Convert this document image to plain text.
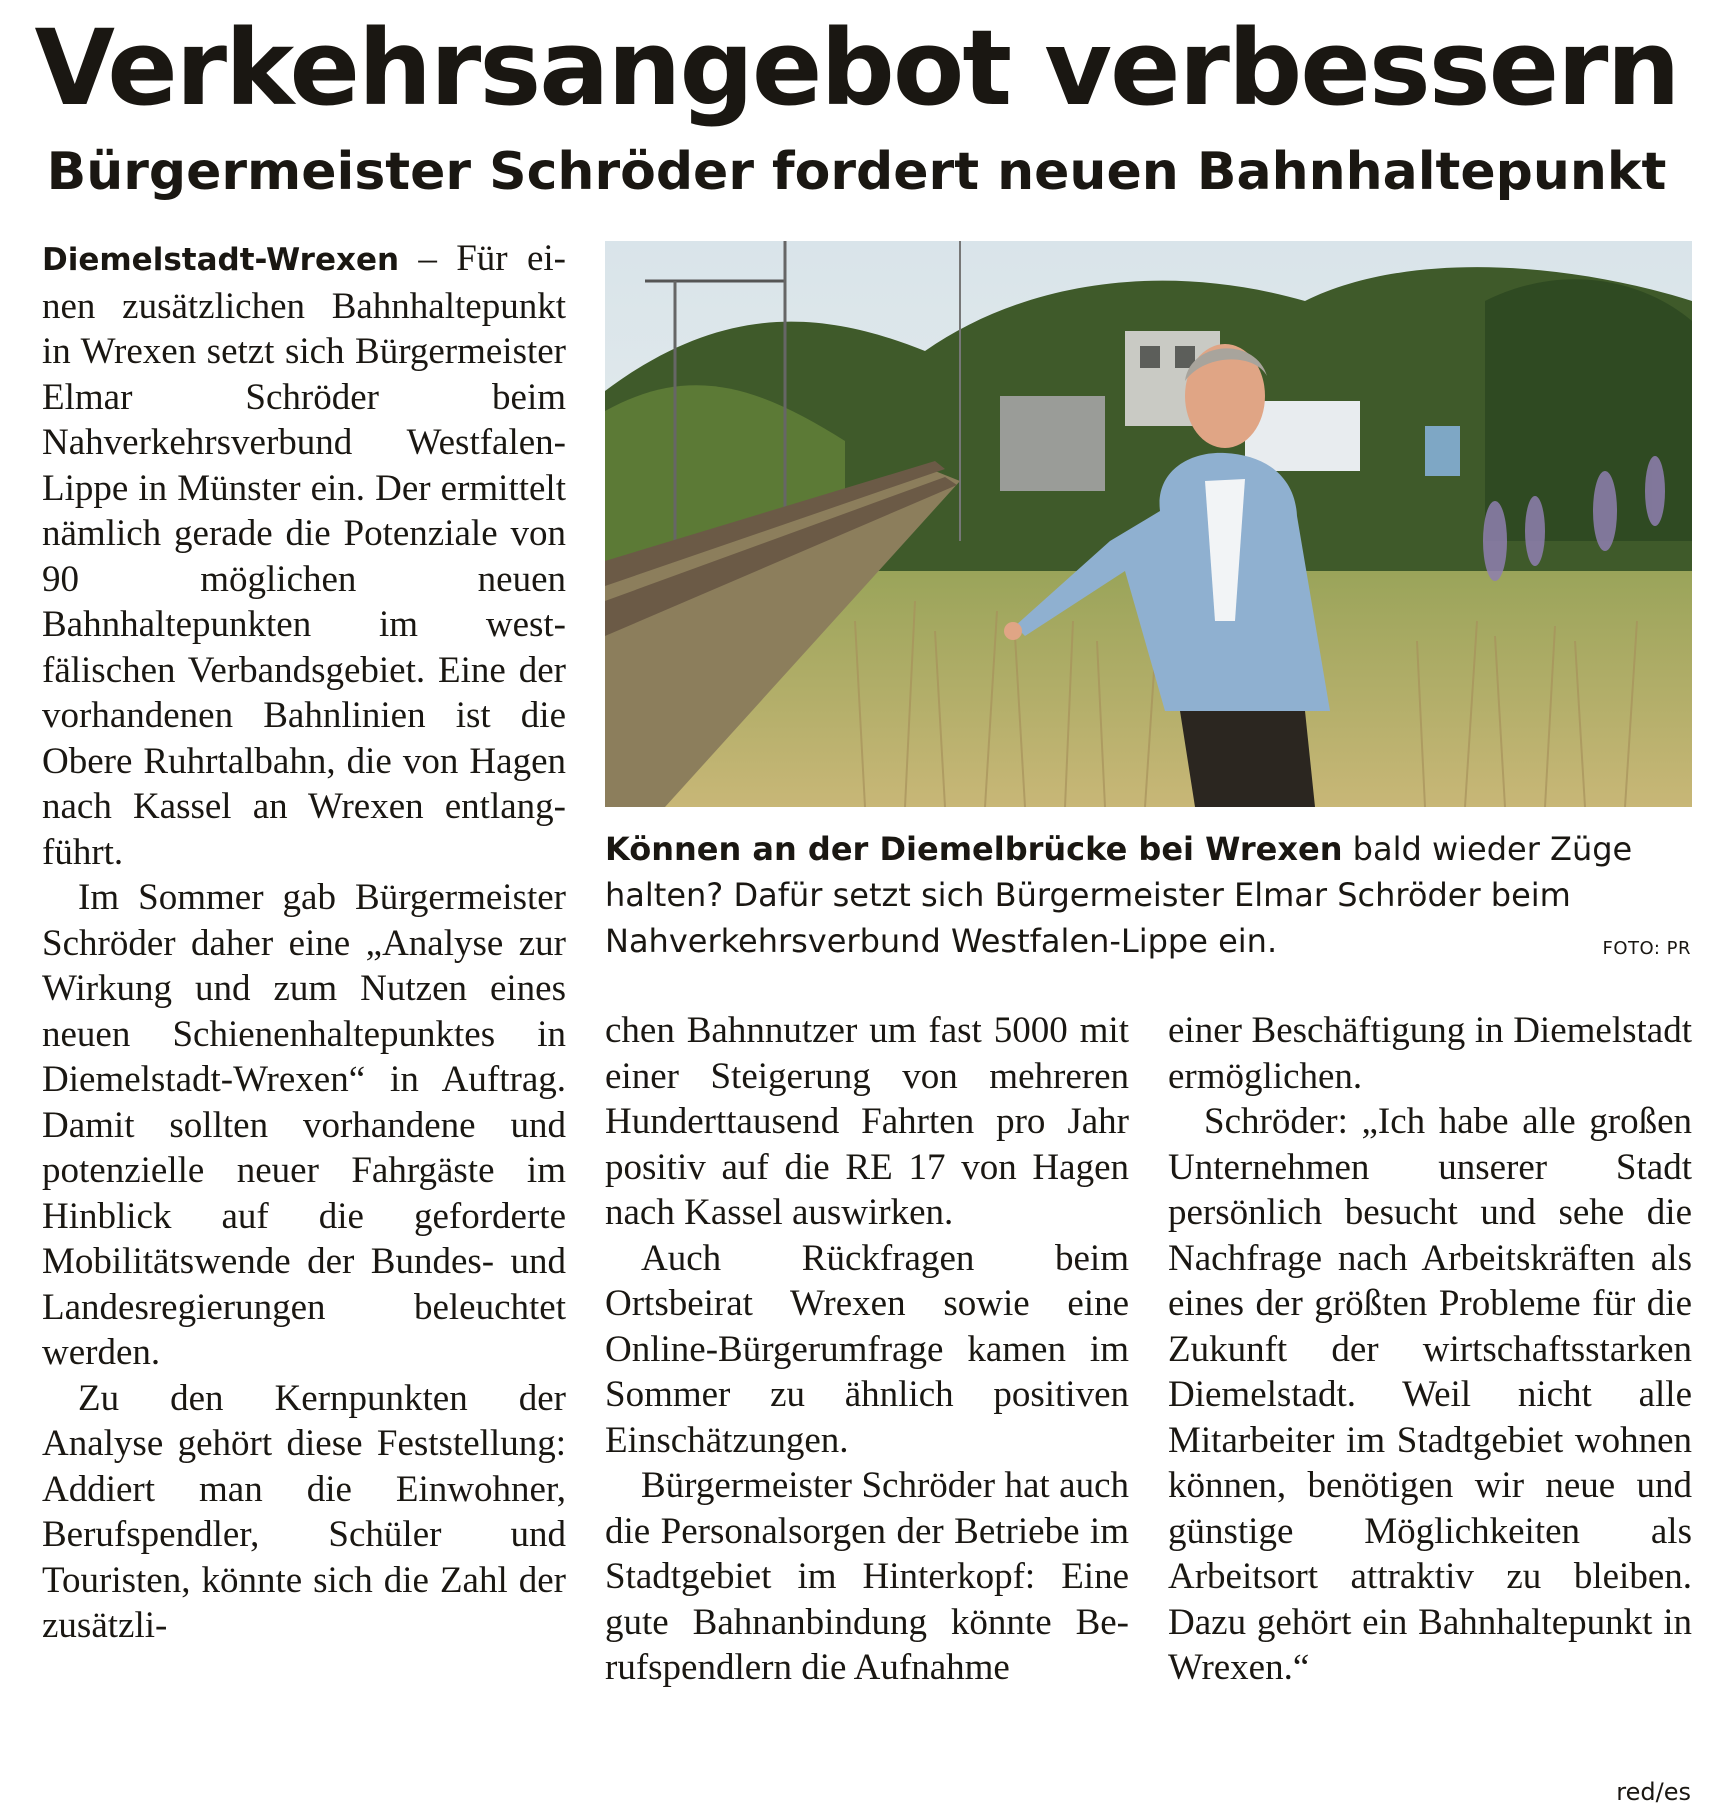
Verkehrsangebot verbessern
Bürgermeister Schröder fordert neuen Bahnhaltepunkt

Diemelstadt-Wrexen – Für einen zusätzlichen Bahnhaltepunkt in Wrexen setzt sich Bürgermeister Elmar Schröder beim Nahverkehrsverbund Westfalen-Lippe in Münster ein. Der ermittelt nämlich gerade die Potenziale von 90 möglichen neuen Bahnhaltepunkten im westfälischen Verbandsgebiet. Eine der vorhandenen Bahnlinien ist die Obere Ruhrtalbahn, die von Hagen nach Kassel an Wrexen entlangführt.

Im Sommer gab Bürgermeister Schröder daher eine „Analyse zur Wirkung und zum Nutzen eines neuen Schienenhaltepunktes in Diemelstadt-Wrexen“ in Auftrag. Damit sollten vorhandene und potenzielle neuer Fahrgäste im Hinblick auf die geforderte Mobilitätswende der Bundes- und Landesregierungen beleuchtet werden.

Zu den Kernpunkten der Analyse gehört diese Feststellung: Addiert man die Einwohner, Berufspendler, Schüler und Touristen, könnte sich die Zahl der zusätzli-

Können an der Diemelbrücke bei Wrexen bald wieder Züge halten? Dafür setzt sich Bürgermeister Elmar Schröder beim Nahverkehrsverbund Westfalen-Lippe ein.	FOTO: PR

chen Bahnnutzer um fast 5000 mit einer Steigerung von mehreren Hunderttausend Fahrten pro Jahr positiv auf die RE 17 von Hagen nach Kassel auswirken.

Auch Rückfragen beim Ortsbeirat Wrexen sowie eine Online-Bürgerumfrage kamen im Sommer zu ähnlich positiven Einschätzungen.

Bürgermeister Schröder hat auch die Personalsorgen der Betriebe im Stadtgebiet im Hinterkopf: Eine gute Bahnanbindung könnte Berufspendlern die Aufnahme

einer Beschäftigung in Diemelstadt ermöglichen.

Schröder: „Ich habe alle großen Unternehmen unserer Stadt persönlich besucht und sehe die Nachfrage nach Arbeitskräften als eines der größten Probleme für die Zukunft der wirtschaftsstarken Diemelstadt. Weil nicht alle Mitarbeiter im Stadtgebiet wohnen können, benötigen wir neue und günstige Möglichkeiten als Arbeitsort attraktiv zu bleiben. Dazu gehört ein Bahnhaltepunkt in Wrexen.“

red/es
